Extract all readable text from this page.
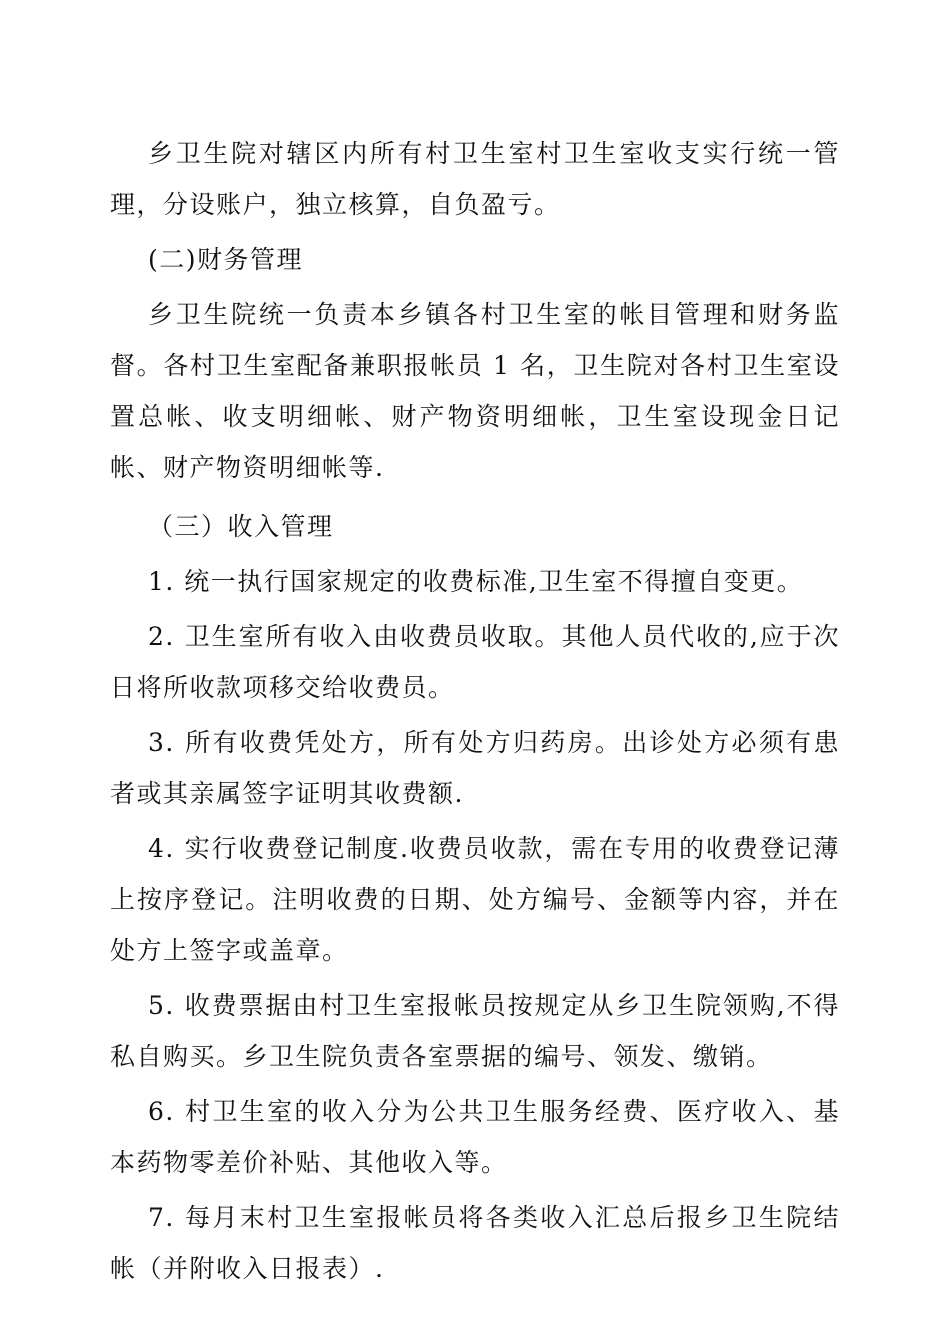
乡卫生院对辖区内所有村卫生室村卫生室收支实行统一管理，分设账户，独立核算，自负盈亏。

(二)财务管理

乡卫生院统一负责本乡镇各村卫生室的帐目管理和财务监督。各村卫生室配备兼职报帐员 1 名，卫生院对各村卫生室设置总帐、收支明细帐、财产物资明细帐，卫生室设现金日记帐、财产物资明细帐等.

（三）收入管理

1. 统一执行国家规定的收费标准,卫生室不得擅自变更。

2. 卫生室所有收入由收费员收取。其他人员代收的,应于次日将所收款项移交给收费员。

3. 所有收费凭处方，所有处方归药房。出诊处方必须有患者或其亲属签字证明其收费额.

4. 实行收费登记制度.收费员收款，需在专用的收费登记薄上按序登记。注明收费的日期、处方编号、金额等内容，并在处方上签字或盖章。

5. 收费票据由村卫生室报帐员按规定从乡卫生院领购,不得私自购买。乡卫生院负责各室票据的编号、领发、缴销。

6. 村卫生室的收入分为公共卫生服务经费、医疗收入、基本药物零差价补贴、其他收入等。

7. 每月末村卫生室报帐员将各类收入汇总后报乡卫生院结帐（并附收入日报表）.
